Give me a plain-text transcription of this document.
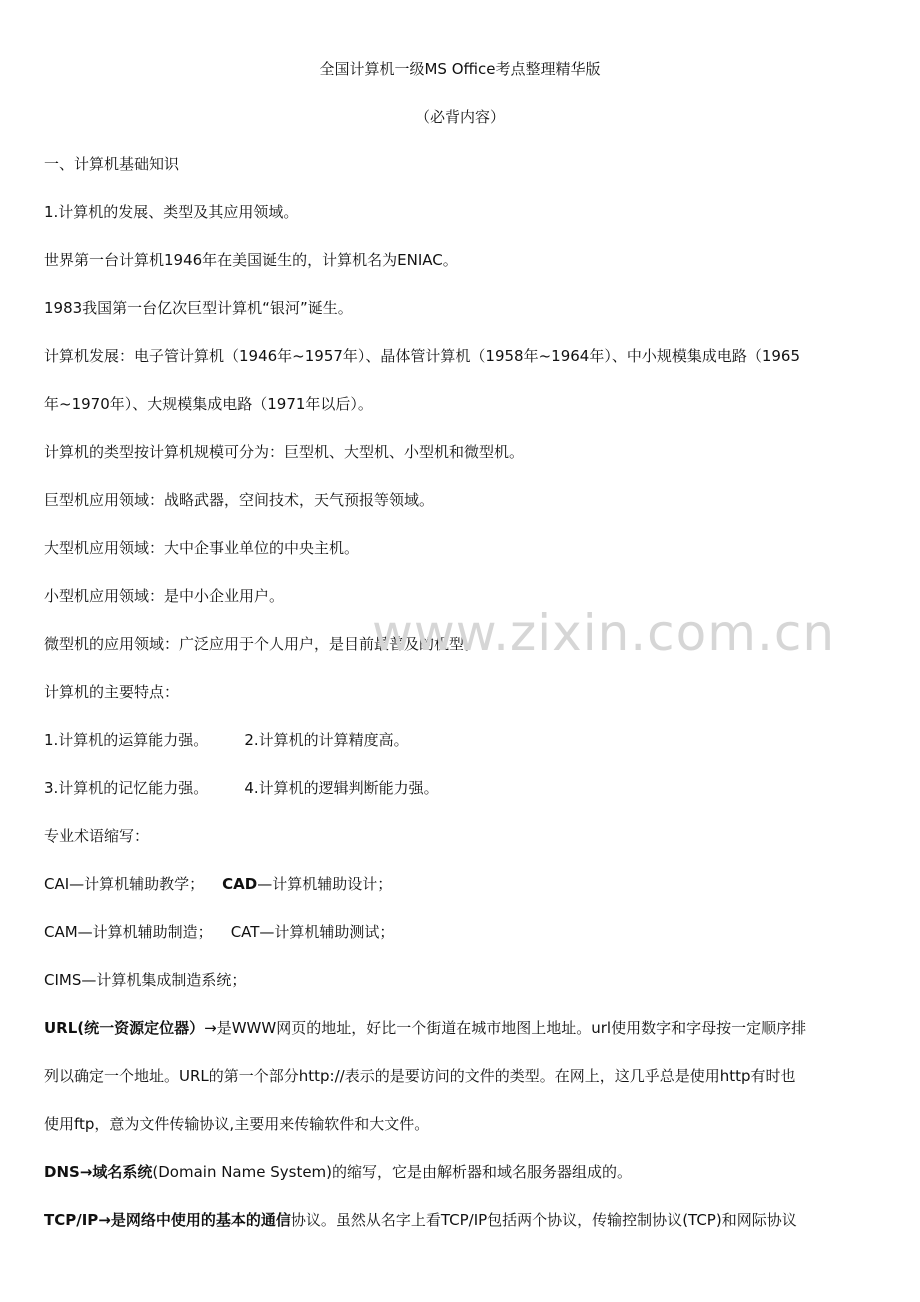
全国计算机一级MS Office考点整理精华版
（必背内容）
一、计算机基础知识
1.计算机的发展、类型及其应用领域。
世界第一台计算机1946年在美国诞生的，计算机名为ENIAC。
1983我国第一台亿次巨型计算机“银河”诞生。
计算机发展：电子管计算机（1946年~1957年）、晶体管计算机（1958年~1964年）、中小规模集成电路（1965
年~1970年）、大规模集成电路（1971年以后）。
计算机的类型按计算机规模可分为：巨型机、大型机、小型机和微型机。
巨型机应用领域：战略武器，空间技术，天气预报等领域。
大型机应用领域：大中企事业单位的中央主机。
小型机应用领域：是中小企业用户。
微型机的应用领域：广泛应用于个人用户，是目前最普及的机型。
计算机的主要特点：
1.计算机的运算能力强。 2.计算机的计算精度高。
3.计算机的记忆能力强。 4.计算机的逻辑判断能力强。
专业术语缩写：
CAI—计算机辅助教学； CAD—计算机辅助设计；
CAM—计算机辅助制造； CAT—计算机辅助测试；
CIMS—计算机集成制造系统；
URL(统一资源定位器）→是WWW网页的地址，好比一个街道在城市地图上地址。url使用数字和字母按一定顺序排
列以确定一个地址。URL的第一个部分http://表示的是要访问的文件的类型。在网上，这几乎总是使用http有时也
使用ftp，意为文件传输协议,主要用来传输软件和大文件。
DNS→域名系统(Domain Name System)的缩写，它是由解析器和域名服务器组成的。
TCP/IP→是网络中使用的基本的通信协议。虽然从名字上看TCP/IP包括两个协议，传输控制协议(TCP)和网际协议
www.zixin.com.cn
